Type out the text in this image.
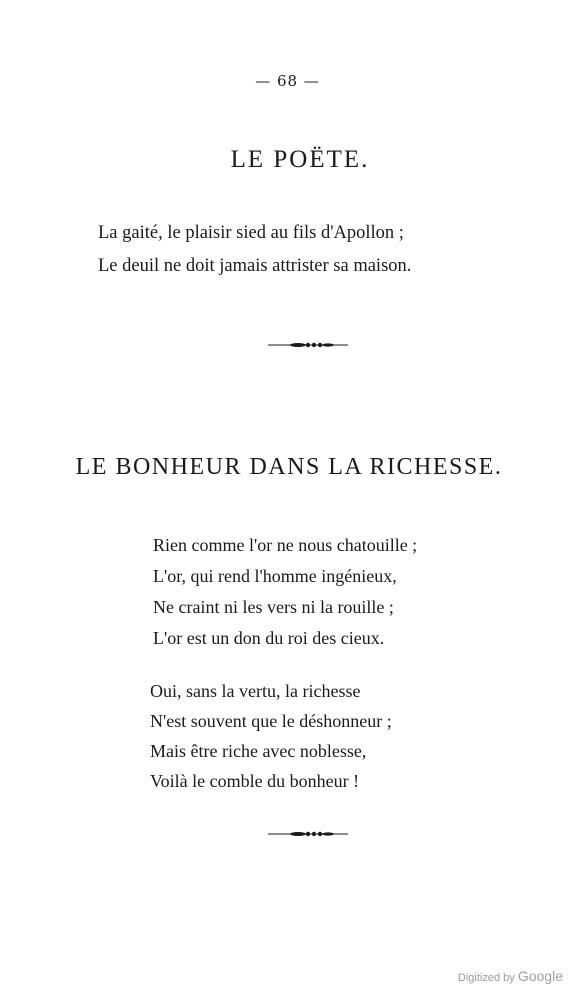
— 68 —
LE POËTE.
La gaité, le plaisir sied au fils d'Apollon ;
Le deuil ne doit jamais attrister sa maison.
LE BONHEUR DANS LA RICHESSE.
Rien comme l'or ne nous chatouille ;
L'or, qui rend l'homme ingénieux,
Ne craint ni les vers ni la rouille ;
L'or est un don du roi des cieux.
Oui, sans la vertu, la richesse
N'est souvent que le déshonneur ;
Mais être riche avec noblesse,
Voilà le comble du bonheur !
Digitized by Google
